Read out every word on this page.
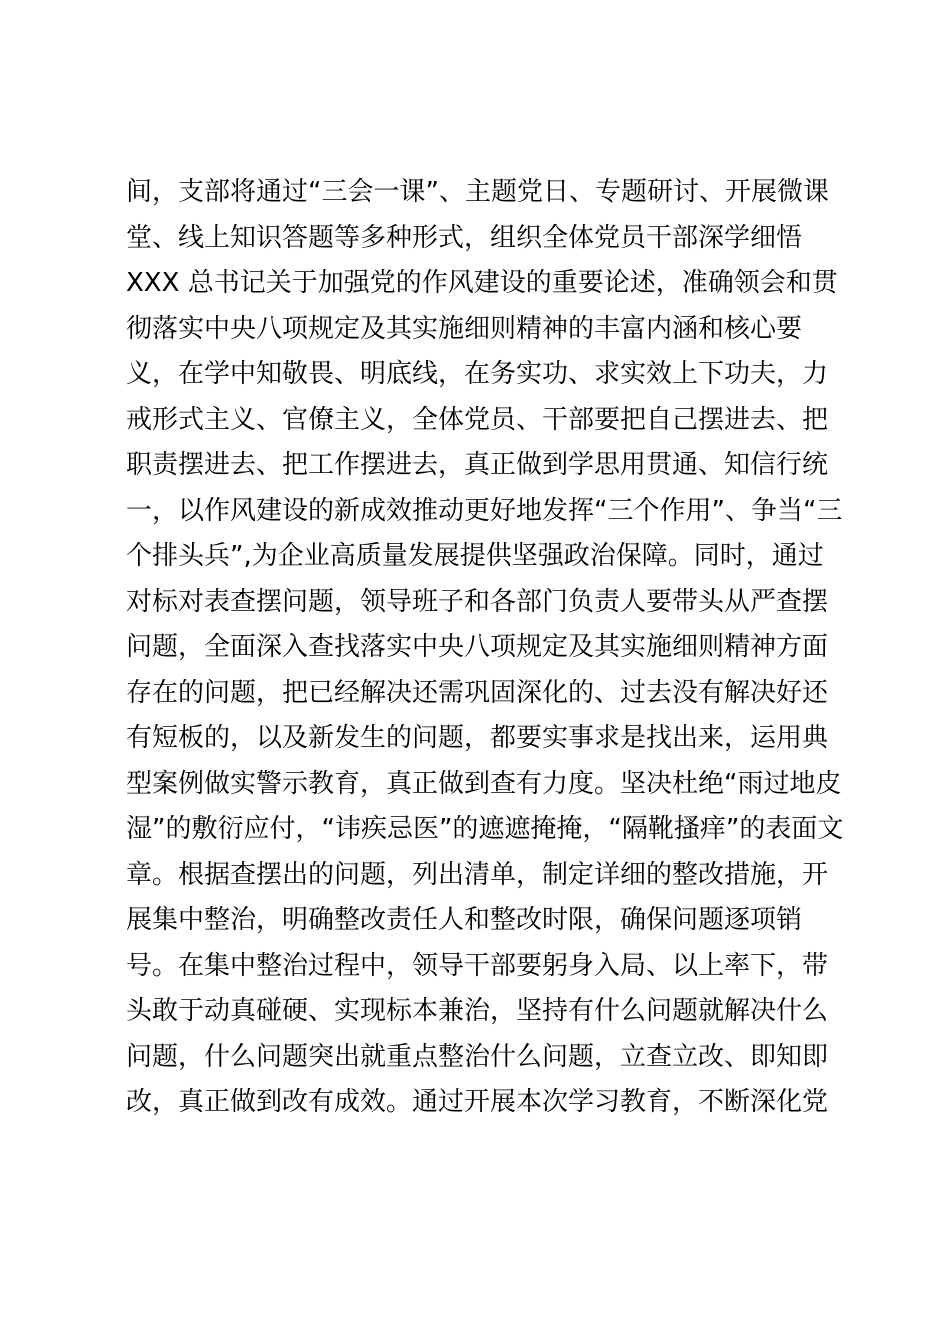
间，支部将通过“三会一课”、主题党日、专题研讨、开展微课
堂、线上知识答题等多种形式，组织全体党员干部深学细悟
XXX 总书记关于加强党的作风建设的重要论述，准确领会和贯
彻落实中央八项规定及其实施细则精神的丰富内涵和核心要
义，在学中知敬畏、明底线，在务实功、求实效上下功夫，力
戒形式主义、官僚主义，全体党员、干部要把自己摆进去、把
职责摆进去、把工作摆进去，真正做到学思用贯通、知信行统
一，以作风建设的新成效推动更好地发挥“三个作用”、争当“三
个排头兵”,为企业高质量发展提供坚强政治保障。同时，通过
对标对表查摆问题，领导班子和各部门负责人要带头从严查摆
问题，全面深入查找落实中央八项规定及其实施细则精神方面
存在的问题，把已经解决还需巩固深化的、过去没有解决好还
有短板的，以及新发生的问题，都要实事求是找出来，运用典
型案例做实警示教育，真正做到查有力度。坚决杜绝“雨过地皮
湿”的敷衍应付，“讳疾忌医”的遮遮掩掩，“隔靴搔痒”的表面文
章。根据查摆出的问题，列出清单，制定详细的整改措施，开
展集中整治，明确整改责任人和整改时限，确保问题逐项销
号。在集中整治过程中，领导干部要躬身入局、以上率下，带
头敢于动真碰硬、实现标本兼治，坚持有什么问题就解决什么
问题，什么问题突出就重点整治什么问题，立查立改、即知即
改，真正做到改有成效。通过开展本次学习教育，不断深化党
